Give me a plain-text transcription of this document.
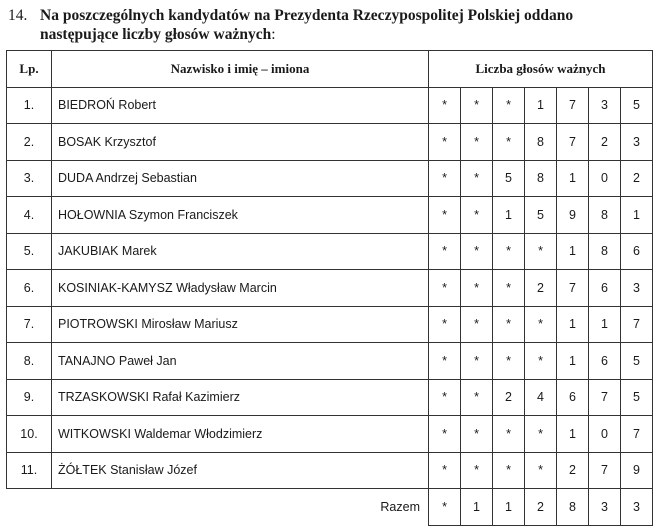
14. Na poszczególnych kandydatów na Prezydenta Rzeczypospolitej Polskiej oddano
następujące liczby głosów ważnych:
Lp.	Nazwisko i imię – imiona	Liczba głosów ważnych						
1.	BIEDROŃ Robert	*	*	*	1	7	3	5
2.	BOSAK Krzysztof	*	*	*	8	7	2	3
3.	DUDA Andrzej Sebastian	*	*	5	8	1	0	2
4.	HOŁOWNIA Szymon Franciszek	*	*	1	5	9	8	1
5.	JAKUBIAK Marek	*	*	*	*	1	8	6
6.	KOSINIAK-KAMYSZ Władysław Marcin	*	*	*	2	7	6	3
7.	PIOTROWSKI Mirosław Mariusz	*	*	*	*	1	1	7
8.	TANAJNO Paweł Jan	*	*	*	*	1	6	5
9.	TRZASKOWSKI Rafał Kazimierz	*	*	2	4	6	7	5
10.	WITKOWSKI Waldemar Włodzimierz	*	*	*	*	1	0	7
11.	ŻÓŁTEK Stanisław Józef	*	*	*	*	2	7	9
Razem		*	1	1	2	8	3	3
